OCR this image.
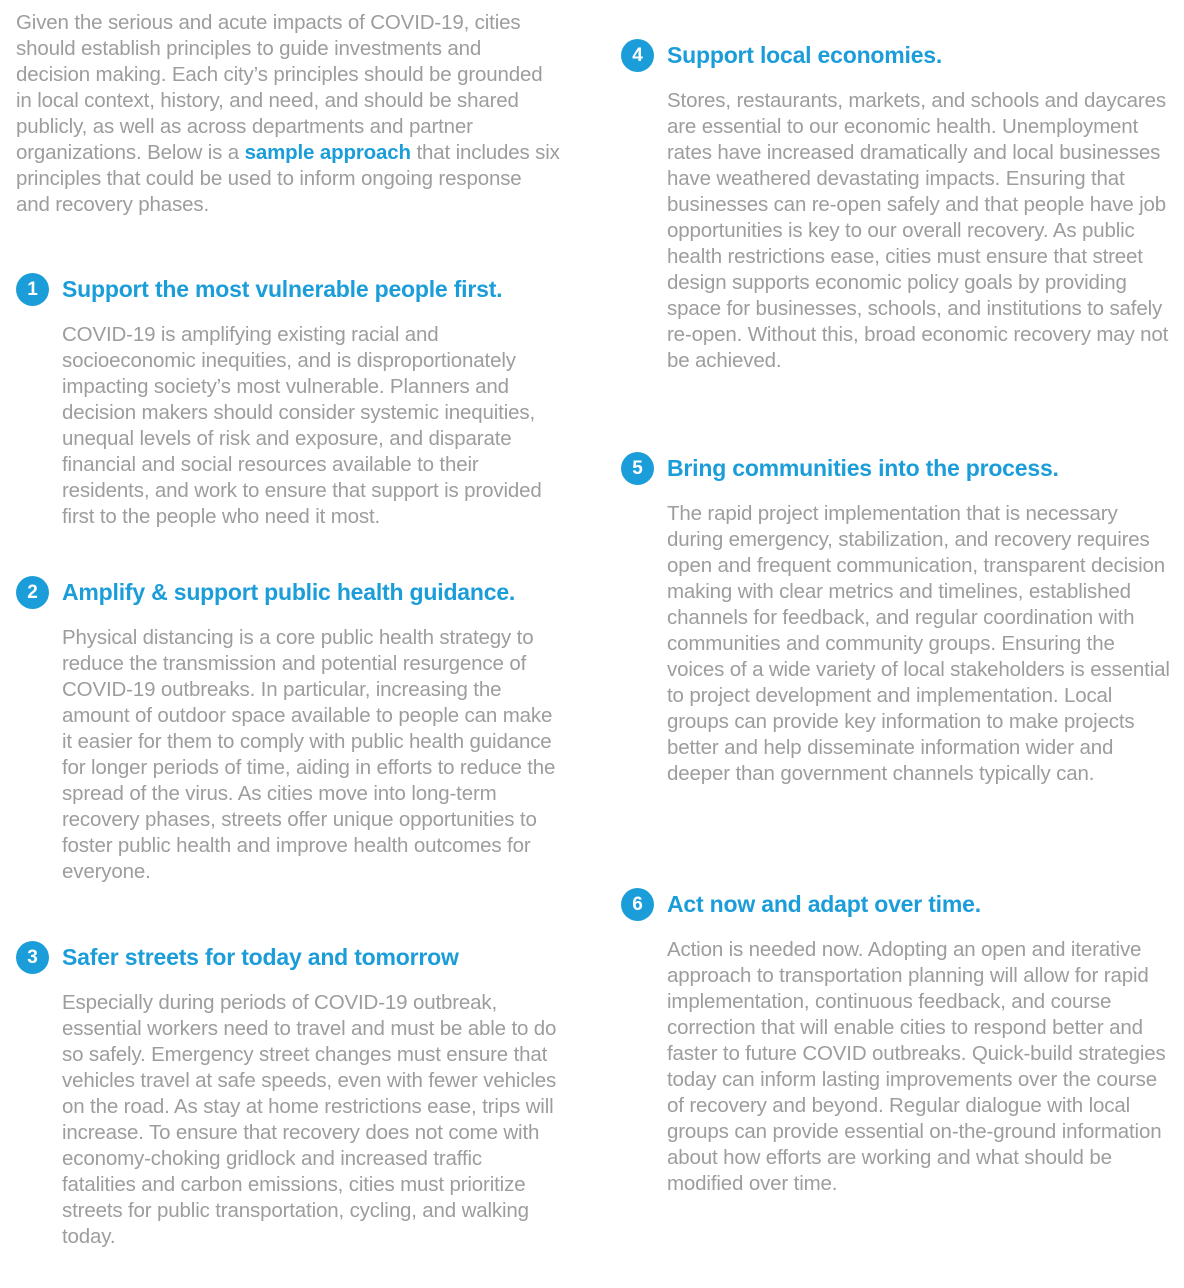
Given the serious and acute impacts of COVID-19, cities should establish principles to guide investments and decision making. Each city’s principles should be grounded in local context, history, and need, and should be shared publicly, as well as across departments and partner organizations. Below is a sample approach that includes six principles that could be used to inform ongoing response and recovery phases.

1	Support the most vulnerable people first.

COVID-19 is amplifying existing racial and socioeconomic inequities, and is disproportionately impacting society’s most vulnerable. Planners and decision makers should consider systemic inequities, unequal levels of risk and exposure, and disparate financial and social resources available to their residents, and work to ensure that support is provided first to the people who need it most.

2	Amplify & support public health guidance.

Physical distancing is a core public health strategy to reduce the transmission and potential resurgence of COVID-19 outbreaks. In particular, increasing the amount of outdoor space available to people can make it easier for them to comply with public health guidance for longer periods of time, aiding in efforts to reduce the spread of the virus. As cities move into long-term recovery phases, streets offer unique opportunities to foster public health and improve health outcomes for everyone.

3	Safer streets for today and tomorrow

Especially during periods of COVID-19 outbreak, essential workers need to travel and must be able to do so safely. Emergency street changes must ensure that vehicles travel at safe speeds, even with fewer vehicles on the road. As stay at home restrictions ease, trips will increase. To ensure that recovery does not come with economy-choking gridlock and increased traffic fatalities and carbon emissions, cities must prioritize streets for public transportation, cycling, and walking today.

4	Support local economies.

Stores, restaurants, markets, and schools and daycares are essential to our economic health. Unemployment rates have increased dramatically and local businesses have weathered devastating impacts. Ensuring that businesses can re-open safely and that people have job opportunities is key to our overall recovery. As public health restrictions ease, cities must ensure that street design supports economic policy goals by providing space for businesses, schools, and institutions to safely re-open. Without this, broad economic recovery may not be achieved.

5	Bring communities into the process.

The rapid project implementation that is necessary during emergency, stabilization, and recovery requires open and frequent communication, transparent decision making with clear metrics and timelines, established channels for feedback, and regular coordination with communities and community groups. Ensuring the voices of a wide variety of local stakeholders is essential to project development and implementation. Local groups can provide key information to make projects better and help disseminate information wider and deeper than government channels typically can.

6	Act now and adapt over time.

Action is needed now. Adopting an open and iterative approach to transportation planning will allow for rapid implementation, continuous feedback, and course correction that will enable cities to respond better and faster to future COVID outbreaks. Quick-build strategies today can inform lasting improvements over the course of recovery and beyond. Regular dialogue with local groups can provide essential on-the-ground information about how efforts are working and what should be modified over time.
